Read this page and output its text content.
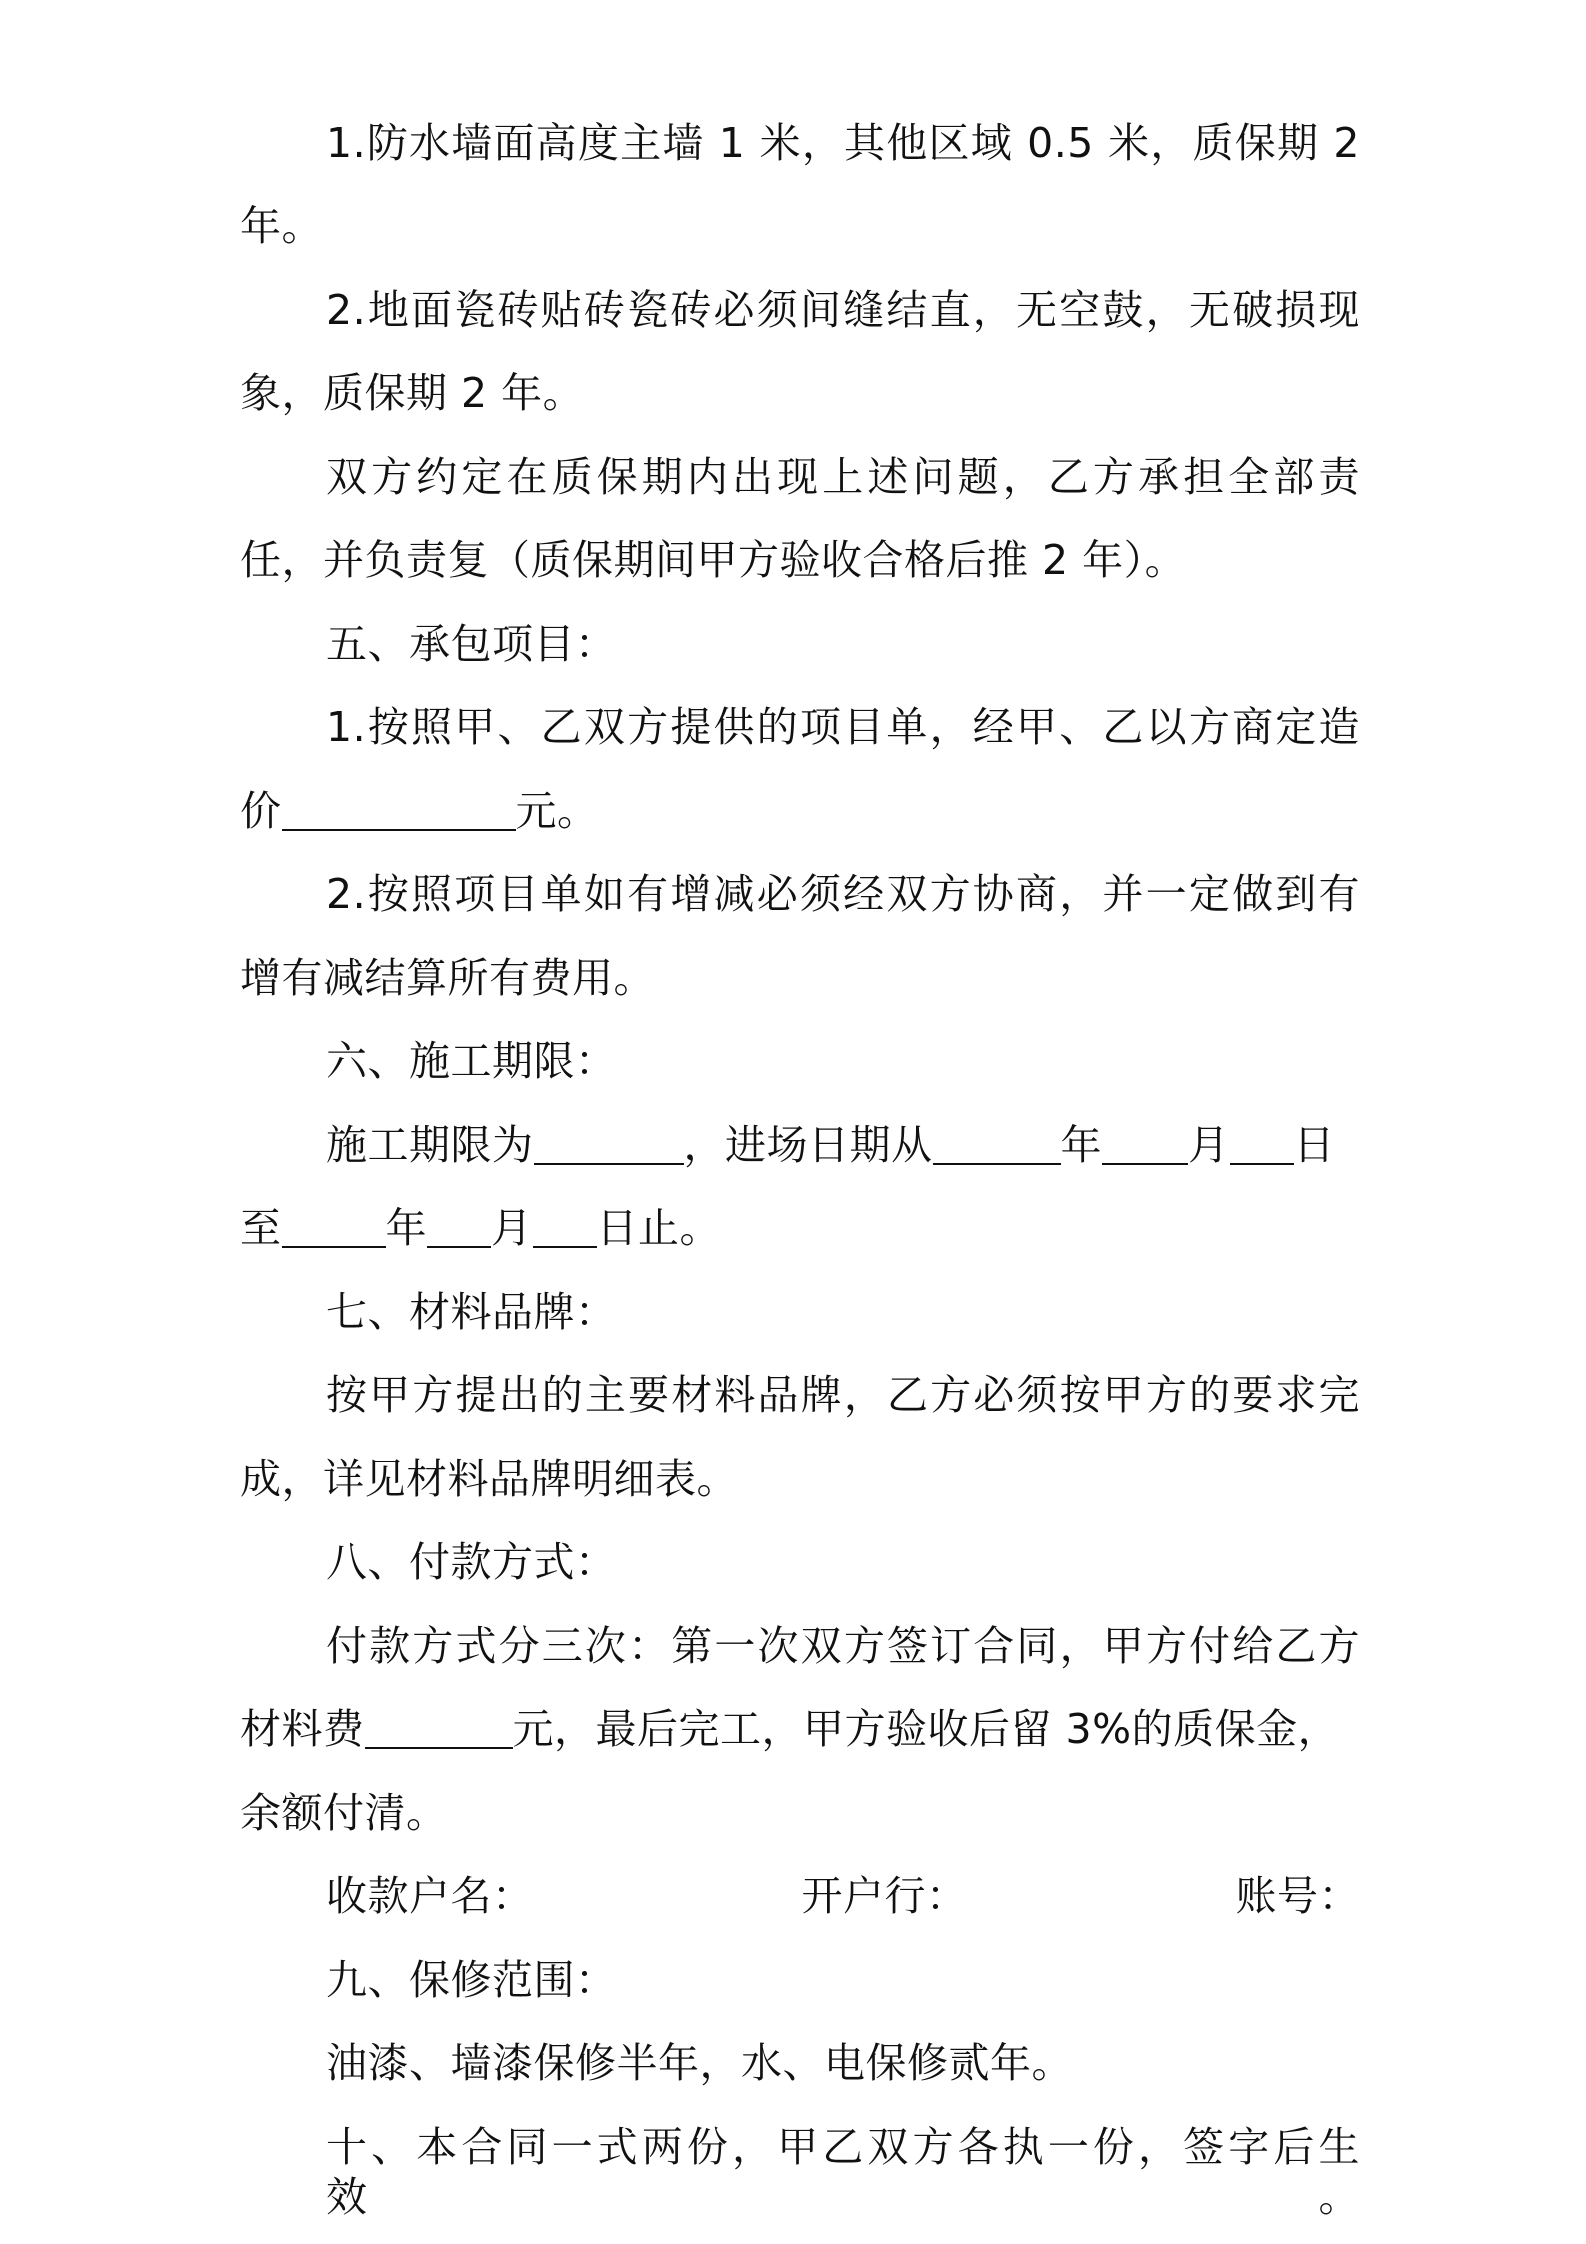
1.防水墙面高度主墙 1 米，其他区域 0.5 米，质保期 2
年。
2.地面瓷砖贴砖瓷砖必须间缝结直，无空鼓，无破损现
象，质保期 2 年。
双方约定在质保期内出现上述问题，乙方承担全部责
任，并负责复（质保期间甲方验收合格后推 2 年）。
五、承包项目：
1.按照甲、乙双方提供的项目单，经甲、乙以方商定造
价	元。
2.按照项目单如有增减必须经双方协商，并一定做到有
增有减结算所有费用。
六、施工期限：
施工期限为	，进场日期从	年 月 日
至	年 月 日止。
七、材料品牌：
按甲方提出的主要材料品牌，乙方必须按甲方的要求完
成，详见材料品牌明细表。
八、付款方式：
付款方式分三次：第一次双方签订合同，甲方付给乙方
材料费	元，最后完工，甲方验收后留 3%的质保金，
余额付清。
收款户名：	开户行：	账号：
九、保修范围：
油漆、墙漆保修半年，水、电保修贰年。
十、本合同一式两份，甲乙双方各执一份，签字后生效。
